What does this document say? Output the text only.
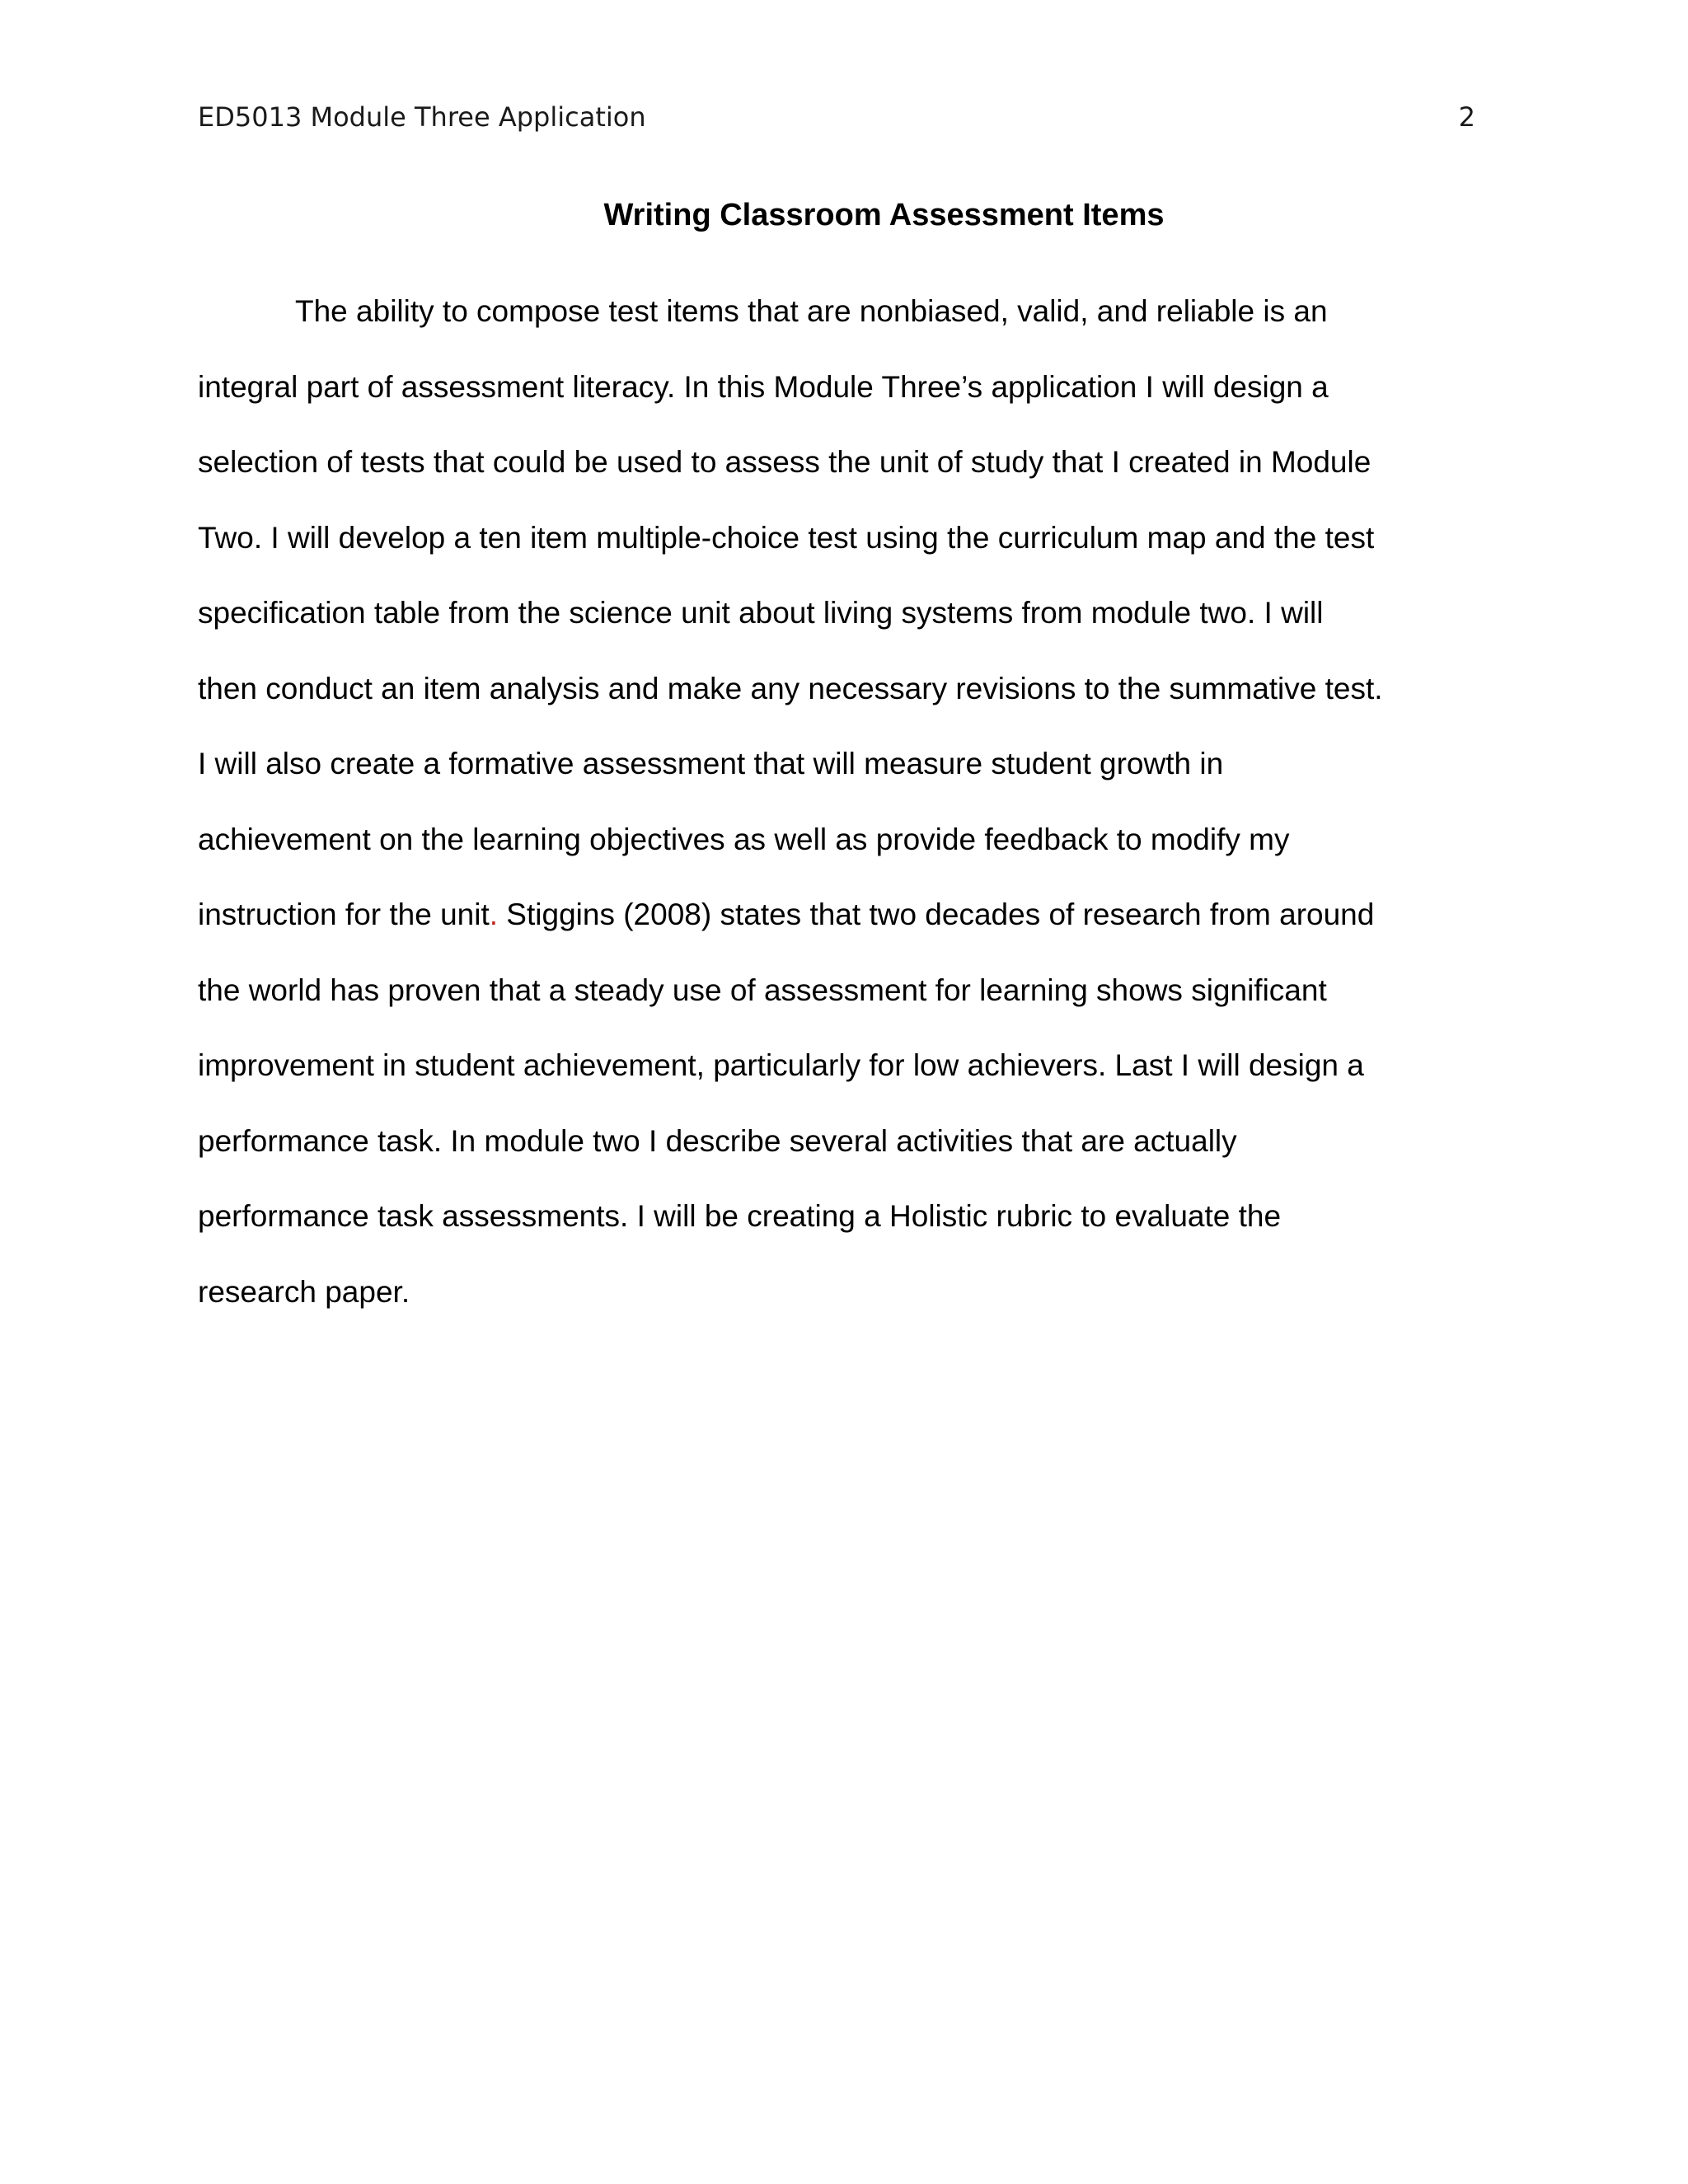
ED5013 Module Three Application	2
Writing Classroom Assessment Items
The ability to compose test items that are nonbiased, valid, and reliable is an
integral part of assessment literacy. In this Module Three’s application I will design a
selection of tests that could be used to assess the unit of study that I created in Module
Two. I will develop a ten item multiple-choice test using the curriculum map and the test
specification table from the science unit about living systems from module two. I will
then conduct an item analysis and make any necessary revisions to the summative test.
I will also create a formative assessment that will measure student growth in
achievement on the learning objectives as well as provide feedback to modify my
instruction for the unit. Stiggins (2008) states that two decades of research from around
the world has proven that a steady use of assessment for learning shows significant
improvement in student achievement, particularly for low achievers. Last I will design a
performance task. In module two I describe several activities that are actually
performance task assessments. I will be creating a Holistic rubric to evaluate the
research paper.
